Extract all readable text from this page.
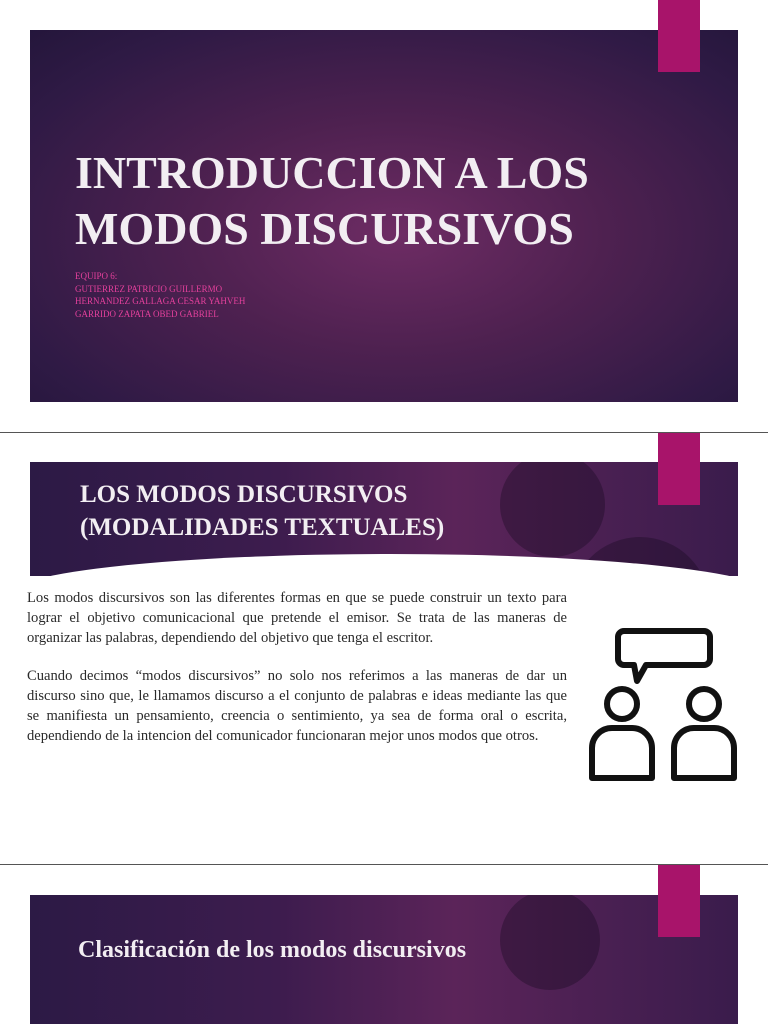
INTRODUCCION A LOS
MODOS DISCURSIVOS
EQUIPO 6:
GUTIERREZ PATRICIO GUILLERMO
HERNANDEZ GALLAGA CESAR YAHVEH
GARRIDO ZAPATA OBED GABRIEL
LOS MODOS DISCURSIVOS
(MODALIDADES TEXTUALES)

Los modos discursivos son las diferentes formas en que se puede construir un texto para lograr el objetivo comunicacional que pretende el emisor. Se trata de las maneras de organizar las palabras, dependiendo del objetivo que tenga el escritor.

Cuando decimos “modos discursivos” no solo nos referimos a las maneras de dar un discurso sino que, le llamamos discurso a el conjunto de palabras e ideas mediante las que se manifiesta un pensamiento, creencia o sentimiento, ya sea de forma oral o escrita, dependiendo de la intencion del comunicador funcionaran mejor unos modos que otros.

Clasificación de los modos discursivos
